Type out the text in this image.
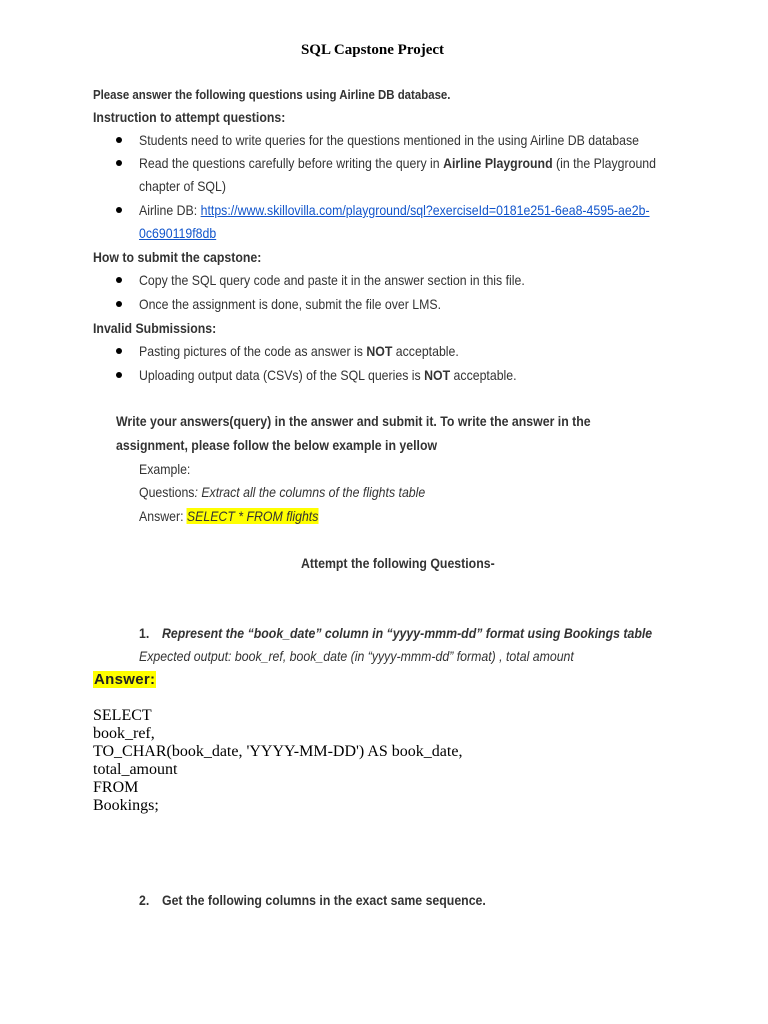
SQL Capstone Project
Please answer the following questions using Airline DB database.
Instruction to attempt questions:
Students need to write queries for the questions mentioned in the using Airline DB database
Read the questions carefully before writing the query in Airline Playground (in the Playground
chapter of SQL)
Airline DB: https://www.skillovilla.com/playground/sql?exerciseId=0181e251-6ea8-4595-ae2b-
0c690119f8db
How to submit the capstone:
Copy the SQL query code and paste it in the answer section in this file.
Once the assignment is done, submit the file over LMS.
Invalid Submissions:
Pasting pictures of the code as answer is NOT acceptable.
Uploading output data (CSVs) of the SQL queries is NOT acceptable.
Write your answers(query) in the answer and submit it. To write the answer in the
assignment, please follow the below example in yellow
Example:
Questions: Extract all the columns of the flights table
Answer: SELECT * FROM flights
Attempt the following Questions-
1. Represent the “book_date” column in “yyyy-mmm-dd” format using Bookings table
Expected output: book_ref, book_date (in “yyyy-mmm-dd” format) , total amount
Answer:
SELECT
book_ref,
TO_CHAR(book_date, 'YYYY-MM-DD') AS book_date,
total_amount
FROM
Bookings;
2. Get the following columns in the exact same sequence.
